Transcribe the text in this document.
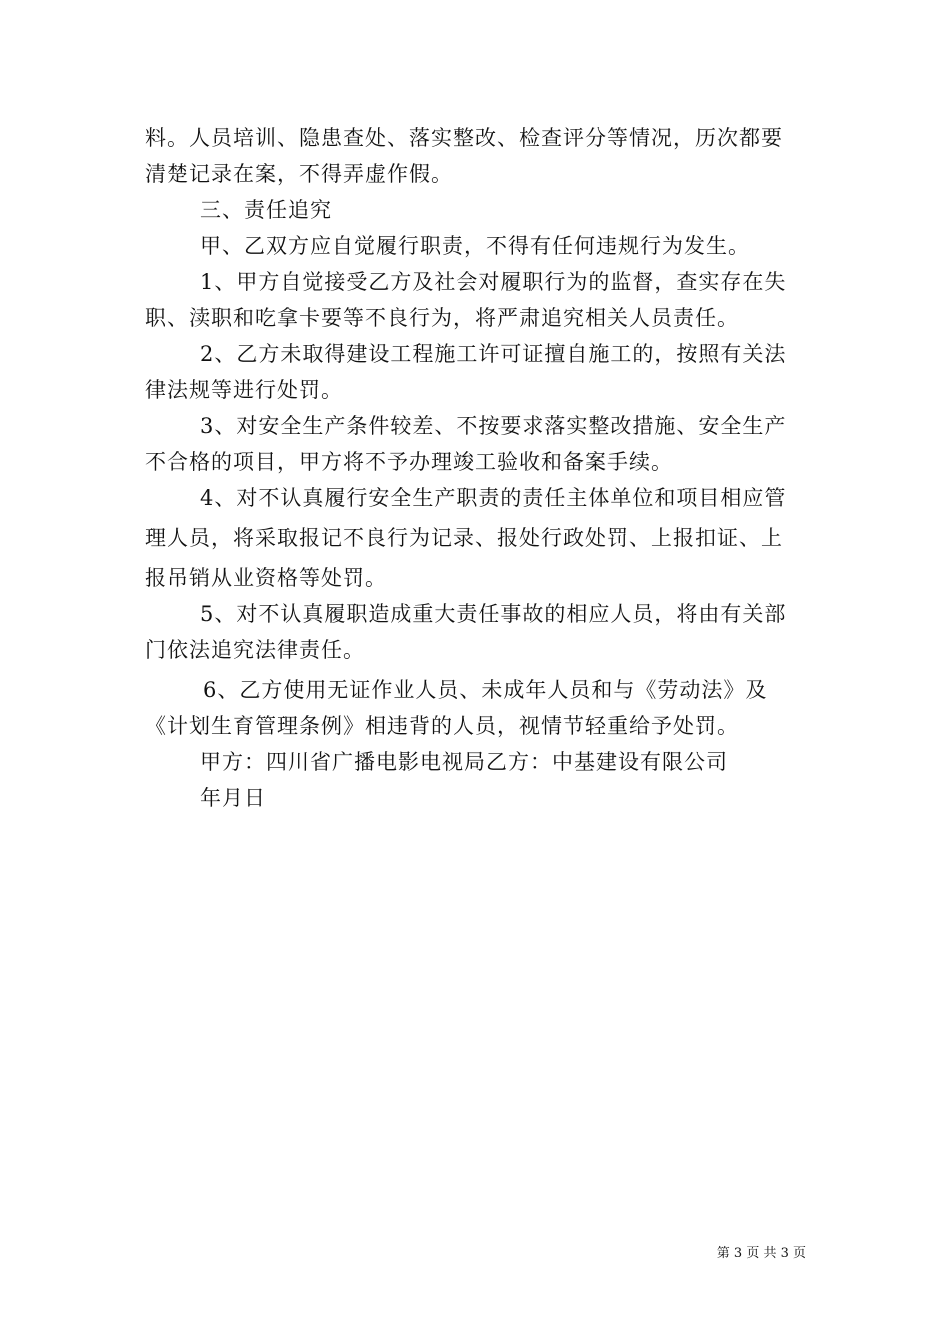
料。人员培训、隐患查处、落实整改、检查评分等情况，历次都要
清楚记录在案，不得弄虚作假。
三、责任追究
甲、乙双方应自觉履行职责，不得有任何违规行为发生。
1、甲方自觉接受乙方及社会对履职行为的监督，查实存在失
职、渎职和吃拿卡要等不良行为，将严肃追究相关人员责任。
2、乙方未取得建设工程施工许可证擅自施工的，按照有关法
律法规等进行处罚。
3、对安全生产条件较差、不按要求落实整改措施、安全生产
不合格的项目，甲方将不予办理竣工验收和备案手续。
4、对不认真履行安全生产职责的责任主体单位和项目相应管
理人员，将采取报记不良行为记录、报处行政处罚、上报扣证、上
报吊销从业资格等处罚。
5、对不认真履职造成重大责任事故的相应人员，将由有关部
门依法追究法律责任。
6、乙方使用无证作业人员、未成年人员和与《劳动法》及
《计划生育管理条例》相违背的人员，视情节轻重给予处罚。
甲方：四川省广播电影电视局乙方：中基建设有限公司
年月日
第 3 页 共 3 页
